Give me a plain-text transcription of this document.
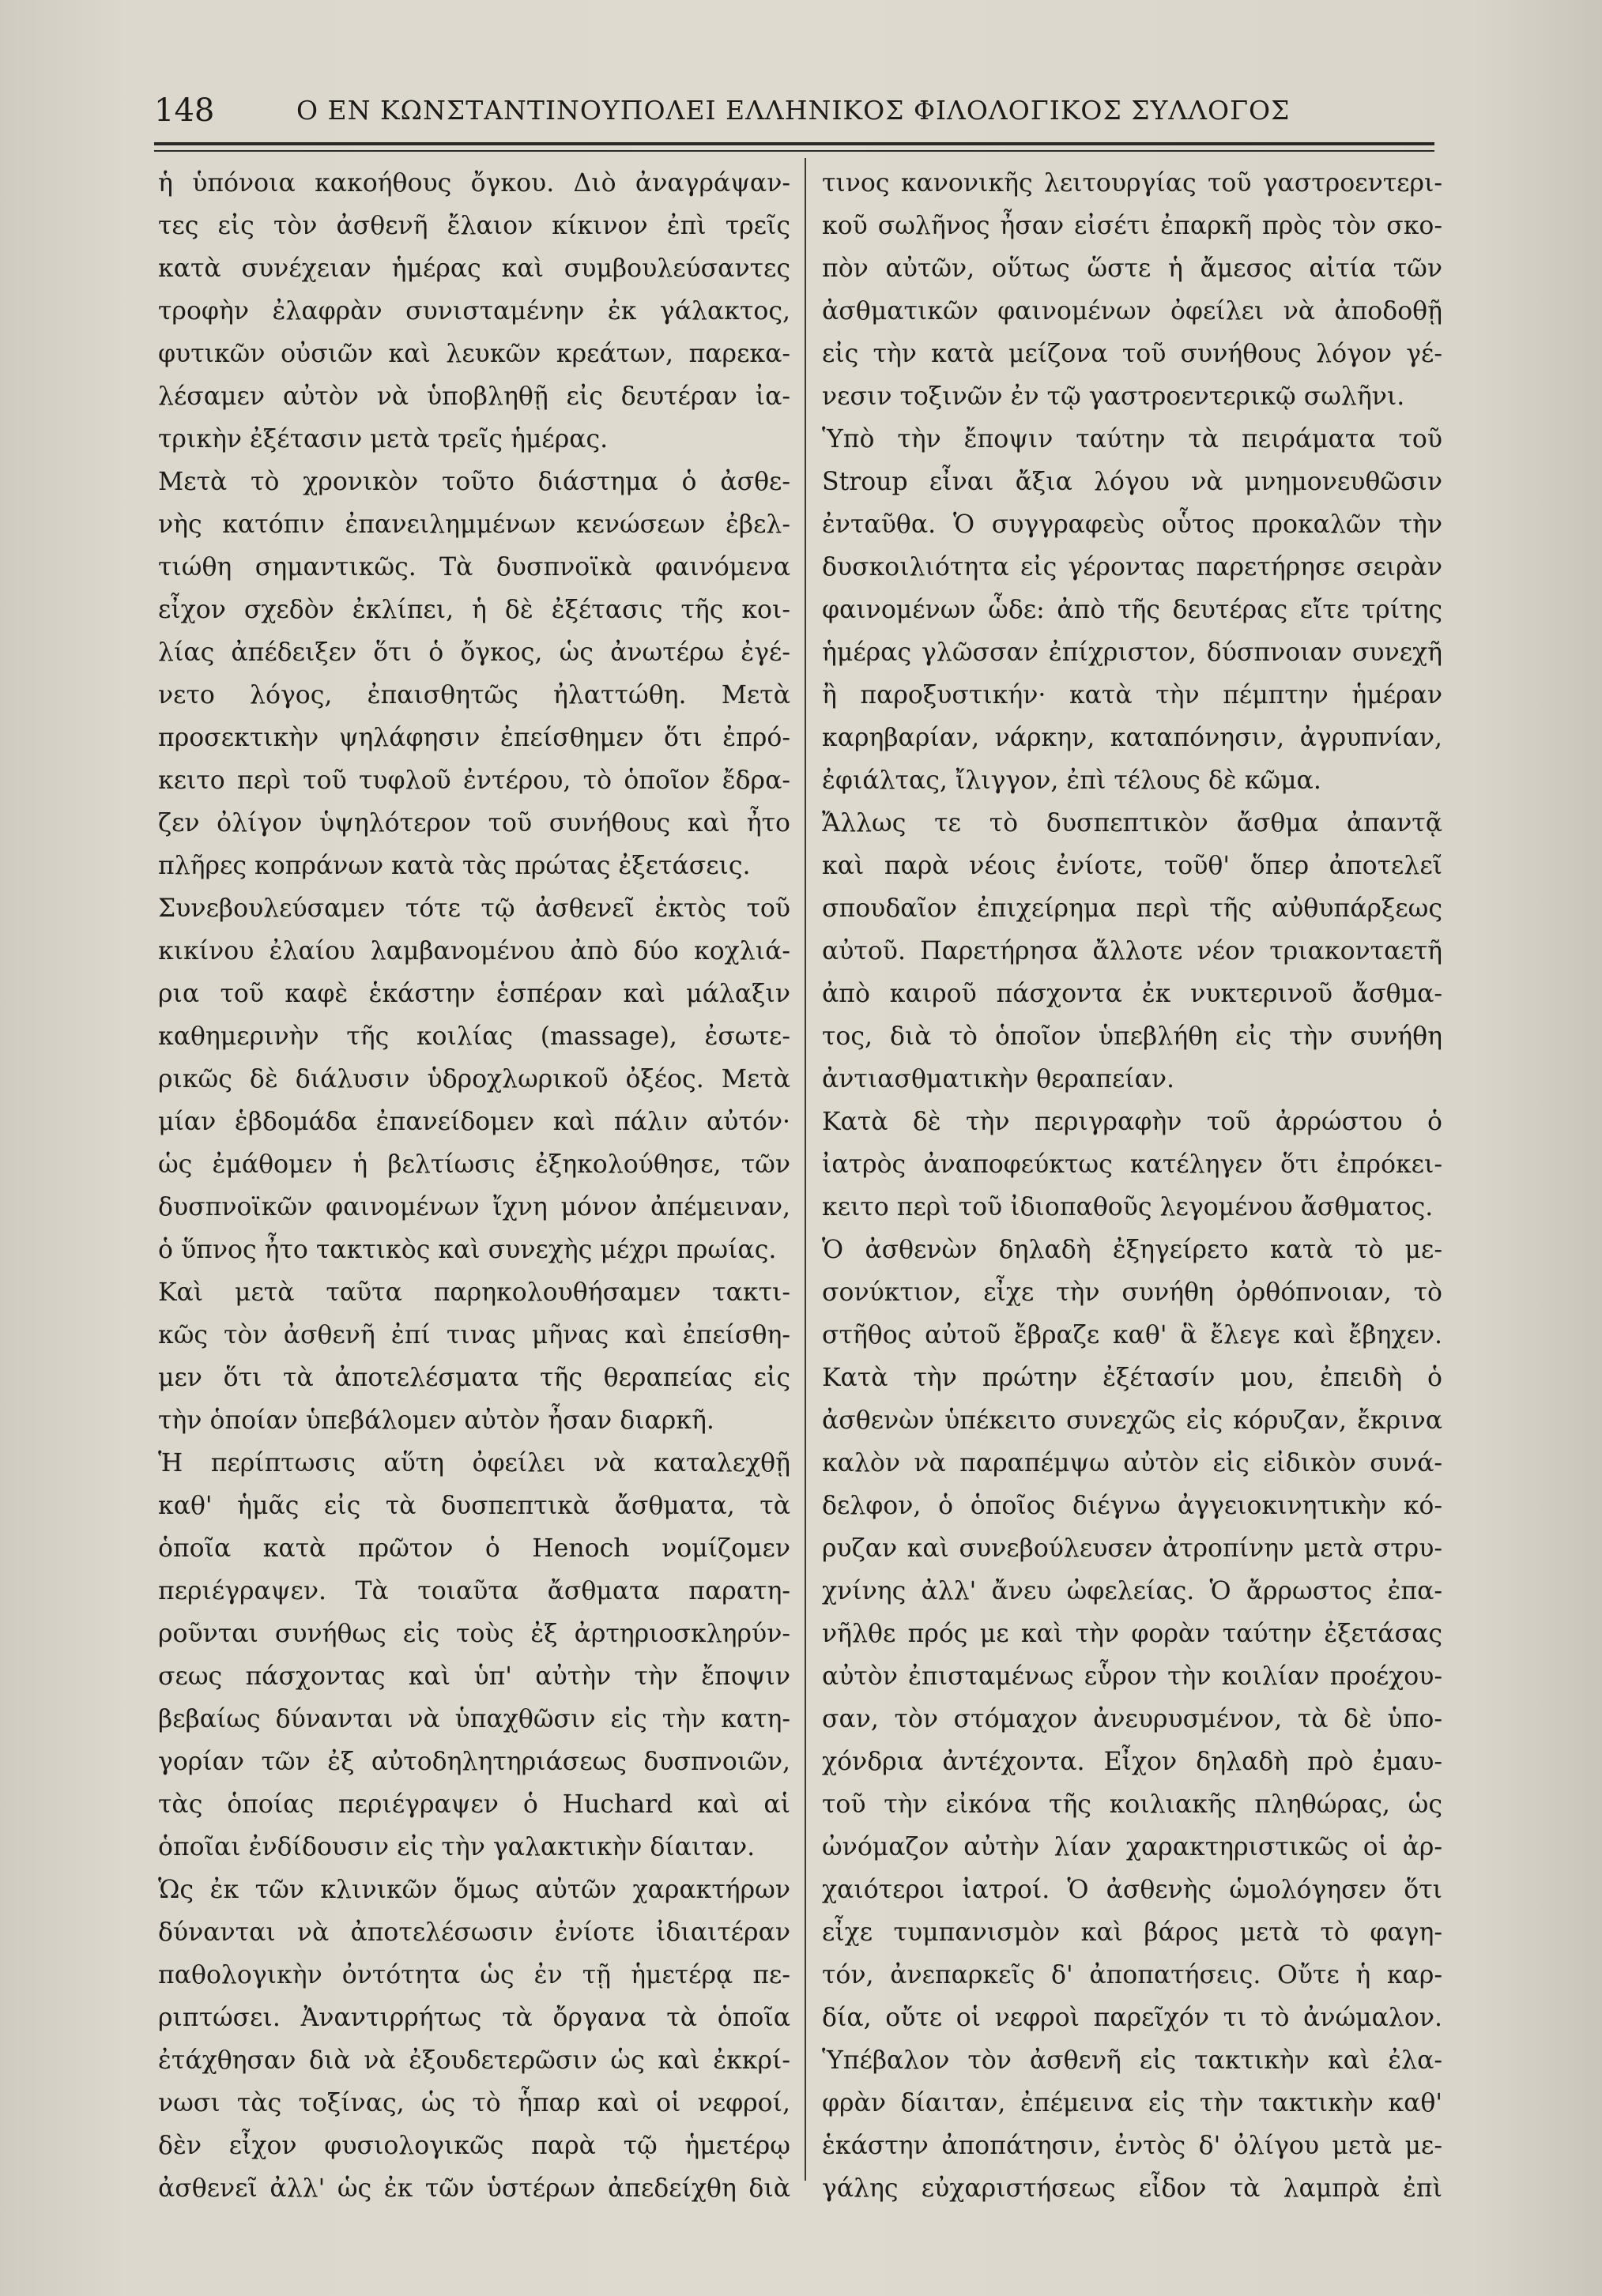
148	Ο ΕΝ ΚΩΝΣΤΑΝΤΙΝΟΥΠΟΛΕΙ ΕΛΛΗΝΙΚΟΣ ΦΙΛΟΛΟΓΙΚΟΣ ΣΥΛΛΟΓΟΣ
ἡ ὑπόνοια κακοήθους ὄγκου. Διὸ ἀναγράψαν-
τες εἰς τὸν ἀσθενῆ ἔλαιον κίκινον ἐπὶ τρεῖς
κατὰ συνέχειαν ἡμέρας καὶ συμβουλεύσαντες
τροφὴν ἐλαφρὰν συνισταμένην ἐκ γάλακτος,
φυτικῶν οὐσιῶν καὶ λευκῶν κρεάτων, παρεκα-
λέσαμεν αὐτὸν νὰ ὑποβληθῇ εἰς δευτέραν ἰα-
τρικὴν ἐξέτασιν μετὰ τρεῖς ἡμέρας.
Μετὰ τὸ χρονικὸν τοῦτο διάστημα ὁ ἀσθε-
νὴς κατόπιν ἐπανειλημμένων κενώσεων ἐβελ-
τιώθη σημαντικῶς. Τὰ δυσπνοϊκὰ φαινόμενα
εἶχον σχεδὸν ἐκλίπει, ἡ δὲ ἐξέτασις τῆς κοι-
λίας ἀπέδειξεν ὅτι ὁ ὄγκος, ὡς ἀνωτέρω ἐγέ-
νετο λόγος, ἐπαισθητῶς ἠλαττώθη. Μετὰ
προσεκτικὴν ψηλάφησιν ἐπείσθημεν ὅτι ἐπρό-
κειτο περὶ τοῦ τυφλοῦ ἐντέρου, τὸ ὁποῖον ἔδρα-
ζεν ὀλίγον ὑψηλότερον τοῦ συνήθους καὶ ἦτο
πλῆρες κοπράνων κατὰ τὰς πρώτας ἐξετάσεις.
Συνεβουλεύσαμεν τότε τῷ ἀσθενεῖ ἐκτὸς τοῦ
κικίνου ἐλαίου λαμβανομένου ἀπὸ δύο κοχλιά-
ρια τοῦ καφὲ ἑκάστην ἑσπέραν καὶ μάλαξιν
καθημερινὴν τῆς κοιλίας (massage), ἐσωτε-
ρικῶς δὲ διάλυσιν ὑδροχλωρικοῦ ὀξέος. Μετὰ
μίαν ἑβδομάδα ἐπανείδομεν καὶ πάλιν αὐτόν·
ὡς ἐμάθομεν ἡ βελτίωσις ἐξηκολούθησε, τῶν
δυσπνοϊκῶν φαινομένων ἴχνη μόνον ἀπέμειναν,
ὁ ὕπνος ἦτο τακτικὸς καὶ συνεχὴς μέχρι πρωίας.
Καὶ μετὰ ταῦτα παρηκολουθήσαμεν τακτι-
κῶς τὸν ἀσθενῆ ἐπί τινας μῆνας καὶ ἐπείσθη-
μεν ὅτι τὰ ἀποτελέσματα τῆς θεραπείας εἰς
τὴν ὁποίαν ὑπεβάλομεν αὐτὸν ἦσαν διαρκῆ.
Ἡ περίπτωσις αὕτη ὀφείλει νὰ καταλεχθῇ
καθ' ἡμᾶς εἰς τὰ δυσπεπτικὰ ἄσθματα, τὰ
ὁποῖα κατὰ πρῶτον ὁ Henoch νομίζομεν
περιέγραψεν. Τὰ τοιαῦτα ἄσθματα παρατη-
ροῦνται συνήθως εἰς τοὺς ἐξ ἀρτηριοσκληρύν-
σεως πάσχοντας καὶ ὑπ' αὐτὴν τὴν ἔποψιν
βεβαίως δύνανται νὰ ὑπαχθῶσιν εἰς τὴν κατη-
γορίαν τῶν ἐξ αὐτοδηλητηριάσεως δυσπνοιῶν,
τὰς ὁποίας περιέγραψεν ὁ Huchard καὶ αἱ
ὁποῖαι ἐνδίδουσιν εἰς τὴν γαλακτικὴν δίαιταν.
Ὡς ἐκ τῶν κλινικῶν ὅμως αὐτῶν χαρακτήρων
δύνανται νὰ ἀποτελέσωσιν ἐνίοτε ἰδιαιτέραν
παθολογικὴν ὀντότητα ὡς ἐν τῇ ἡμετέρᾳ πε-
ριπτώσει. Ἀναντιρρήτως τὰ ὄργανα τὰ ὁποῖα
ἐτάχθησαν διὰ νὰ ἐξουδετερῶσιν ὡς καὶ ἐκκρί-
νωσι τὰς τοξίνας, ὡς τὸ ἧπαρ καὶ οἱ νεφροί,
δὲν εἶχον φυσιολογικῶς παρὰ τῷ ἡμετέρῳ
ἀσθενεῖ ἀλλ' ὡς ἐκ τῶν ὑστέρων ἀπεδείχθη διὰ
τινος κανονικῆς λειτουργίας τοῦ γαστροεντερι-
κοῦ σωλῆνος ἦσαν εἰσέτι ἐπαρκῆ πρὸς τὸν σκο-
πὸν αὐτῶν, οὕτως ὥστε ἡ ἄμεσος αἰτία τῶν
ἀσθματικῶν φαινομένων ὀφείλει νὰ ἀποδοθῇ
εἰς τὴν κατὰ μείζονα τοῦ συνήθους λόγον γέ-
νεσιν τοξινῶν ἐν τῷ γαστροεντερικῷ σωλῆνι.
Ὑπὸ τὴν ἔποψιν ταύτην τὰ πειράματα τοῦ
Stroup εἶναι ἄξια λόγου νὰ μνημονευθῶσιν
ἐνταῦθα. Ὁ συγγραφεὺς οὗτος προκαλῶν τὴν
δυσκοιλιότητα εἰς γέροντας παρετήρησε σειρὰν
φαινομένων ὧδε: ἀπὸ τῆς δευτέρας εἴτε τρίτης
ἡμέρας γλῶσσαν ἐπίχριστον, δύσπνοιαν συνεχῆ
ἢ παροξυστικήν· κατὰ τὴν πέμπτην ἡμέραν
καρηβαρίαν, νάρκην, καταπόνησιν, ἀγρυπνίαν,
ἐφιάλτας, ἴλιγγον, ἐπὶ τέλους δὲ κῶμα.
Ἄλλως τε τὸ δυσπεπτικὸν ἄσθμα ἀπαντᾷ
καὶ παρὰ νέοις ἐνίοτε, τοῦθ' ὅπερ ἀποτελεῖ
σπουδαῖον ἐπιχείρημα περὶ τῆς αὐθυπάρξεως
αὐτοῦ. Παρετήρησα ἄλλοτε νέον τριακονταετῆ
ἀπὸ καιροῦ πάσχοντα ἐκ νυκτερινοῦ ἄσθμα-
τος, διὰ τὸ ὁποῖον ὑπεβλήθη εἰς τὴν συνήθη
ἀντιασθματικὴν θεραπείαν.
Κατὰ δὲ τὴν περιγραφὴν τοῦ ἀρρώστου ὁ
ἰατρὸς ἀναποφεύκτως κατέληγεν ὅτι ἐπρόκει-
κειτο περὶ τοῦ ἰδιοπαθοῦς λεγομένου ἄσθματος.
Ὁ ἀσθενὼν δηλαδὴ ἐξηγείρετο κατὰ τὸ με-
σονύκτιον, εἶχε τὴν συνήθη ὀρθόπνοιαν, τὸ
στῆθος αὐτοῦ ἔβραζε καθ' ἃ ἔλεγε καὶ ἔβηχεν.
Κατὰ τὴν πρώτην ἐξέτασίν μου, ἐπειδὴ ὁ
ἀσθενὼν ὑπέκειτο συνεχῶς εἰς κόρυζαν, ἔκρινα
καλὸν νὰ παραπέμψω αὐτὸν εἰς εἰδικὸν συνά-
δελφον, ὁ ὁποῖος διέγνω ἀγγειοκινητικὴν κό-
ρυζαν καὶ συνεβούλευσεν ἀτροπίνην μετὰ στρυ-
χνίνης ἀλλ' ἄνευ ὠφελείας. Ὁ ἄρρωστος ἐπα-
νῆλθε πρός με καὶ τὴν φορὰν ταύτην ἐξετάσας
αὐτὸν ἐπισταμένως εὗρον τὴν κοιλίαν προέχου-
σαν, τὸν στόμαχον ἀνευρυσμένον, τὰ δὲ ὑπο-
χόνδρια ἀντέχοντα. Εἶχον δηλαδὴ πρὸ ἐμαυ-
τοῦ τὴν εἰκόνα τῆς κοιλιακῆς πληθώρας, ὡς
ὠνόμαζον αὐτὴν λίαν χαρακτηριστικῶς οἱ ἀρ-
χαιότεροι ἰατροί. Ὁ ἀσθενὴς ὡμολόγησεν ὅτι
εἶχε τυμπανισμὸν καὶ βάρος μετὰ τὸ φαγη-
τόν, ἀνεπαρκεῖς δ' ἀποπατήσεις. Οὔτε ἡ καρ-
δία, οὔτε οἱ νεφροὶ παρεῖχόν τι τὸ ἀνώμαλον.
Ὑπέβαλον τὸν ἀσθενῆ εἰς τακτικὴν καὶ ἐλα-
φρὰν δίαιταν, ἐπέμεινα εἰς τὴν τακτικὴν καθ'
ἑκάστην ἀποπάτησιν, ἐντὸς δ' ὀλίγου μετὰ με-
γάλης εὐχαριστήσεως εἶδον τὰ λαμπρὰ ἐπὶ
